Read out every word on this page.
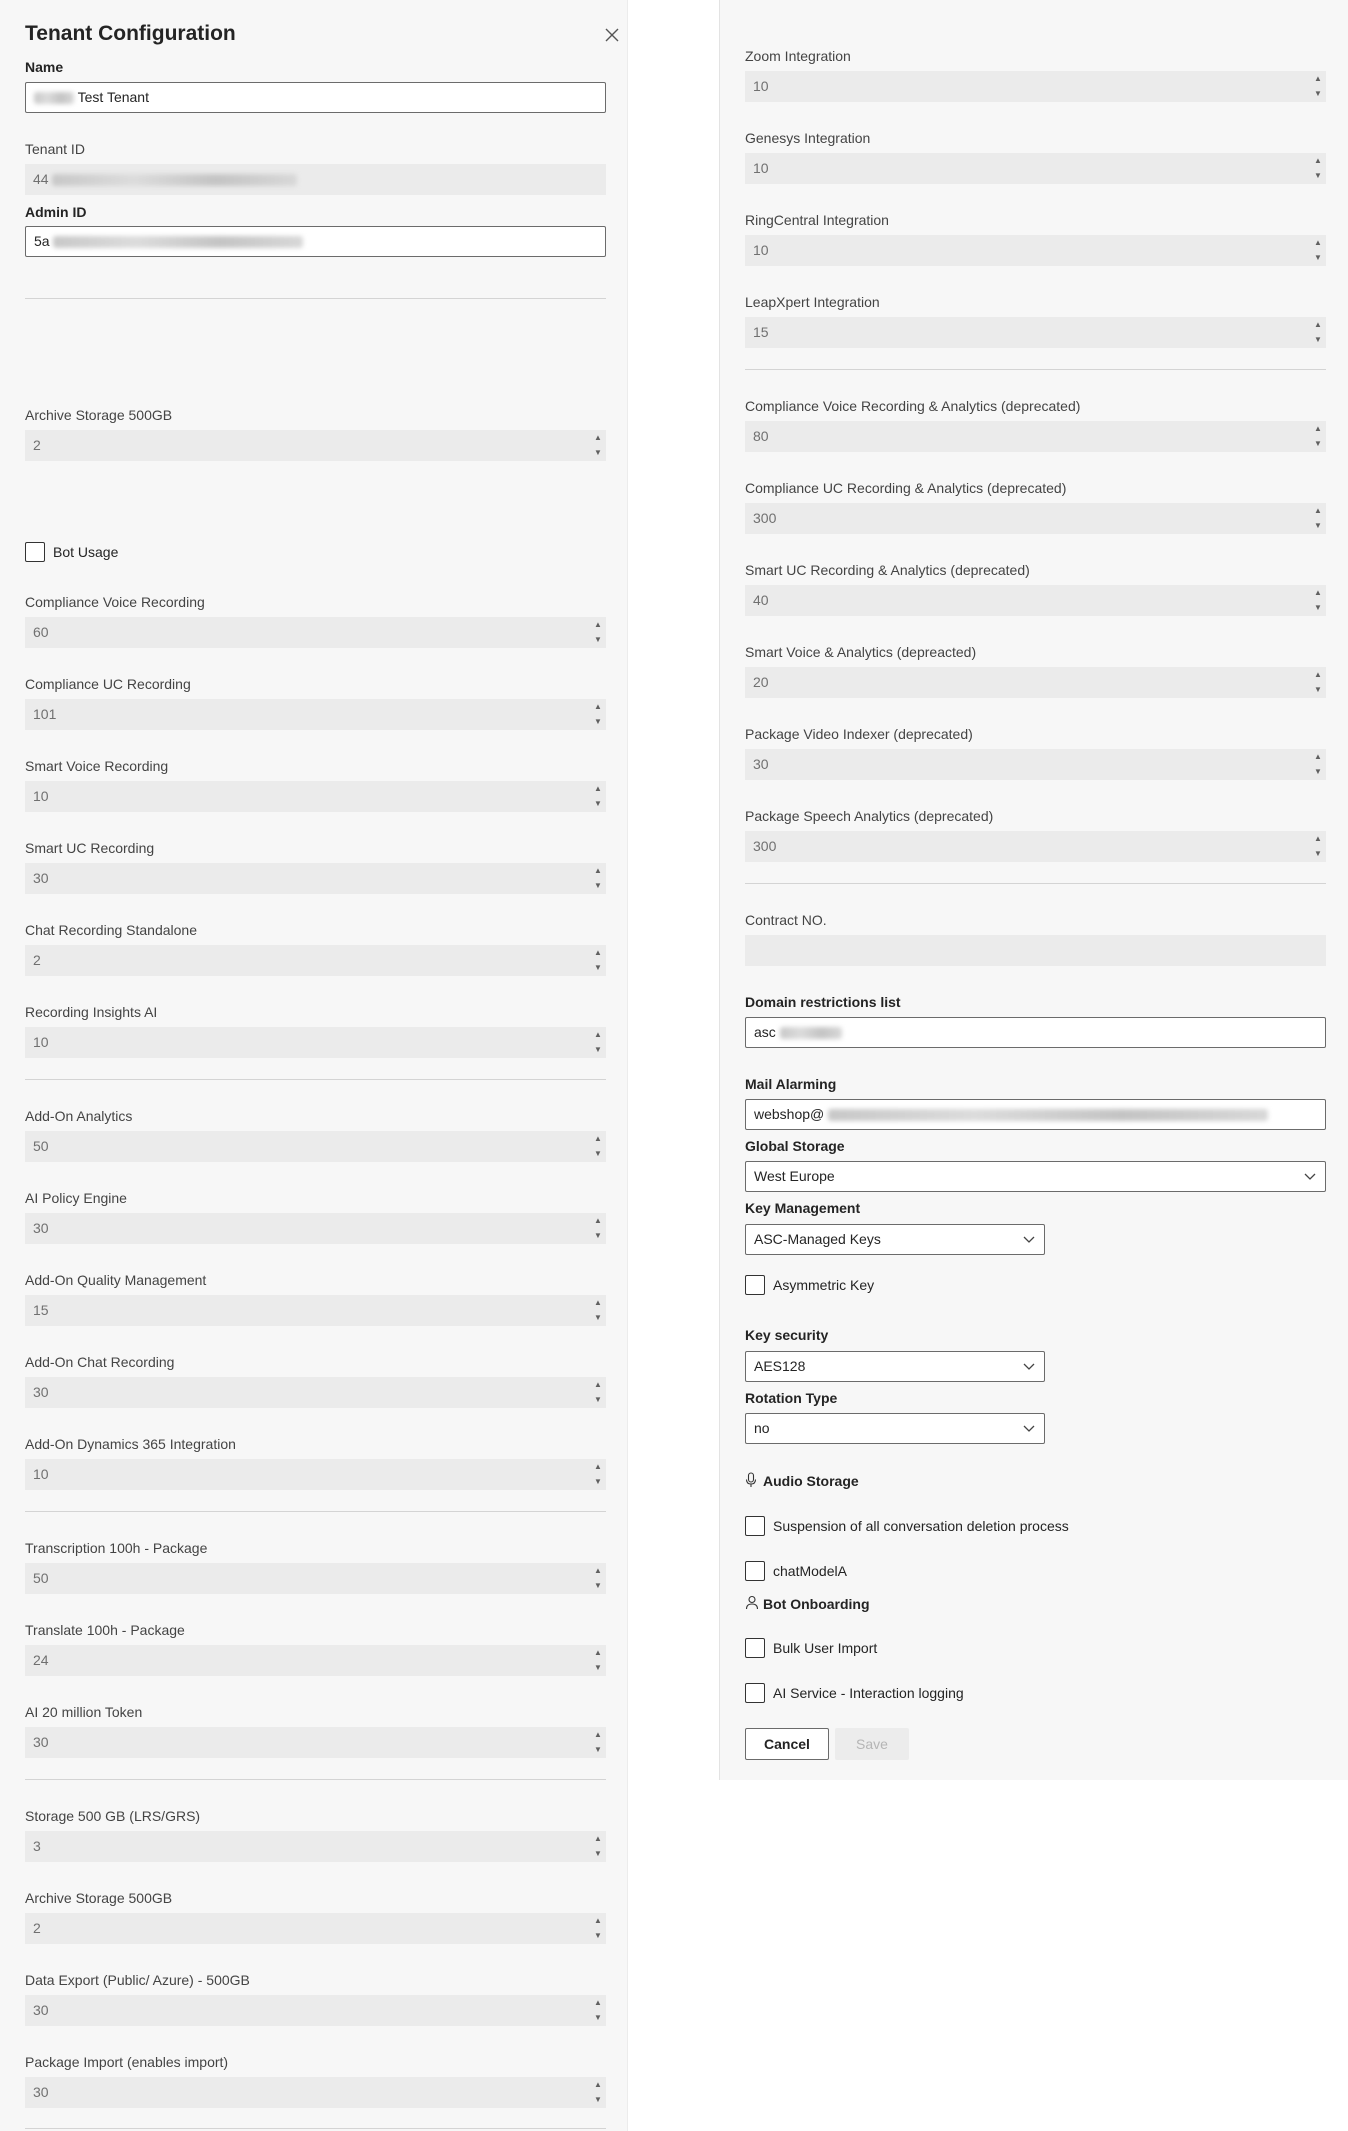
Tenant Configuration
Name
Test Tenant
Tenant ID
44
Admin ID
5a
Archive Storage 500GB
2	▲
▼
Bot Usage
Compliance Voice Recording
60	▲
▼
Compliance UC Recording
101	▲
▼
Smart Voice Recording
10	▲
▼
Smart UC Recording
30	▲
▼
Chat Recording Standalone
2	▲
▼
Recording Insights AI
10	▲
▼
Add-On Analytics
50	▲
▼
AI Policy Engine
30	▲
▼
Add-On Quality Management
15	▲
▼
Add-On Chat Recording
30	▲
▼
Add-On Dynamics 365 Integration
10	▲
▼
Transcription 100h - Package
50	▲
▼
Translate 100h - Package
24	▲
▼
AI 20 million Token
30	▲
▼
Storage 500 GB (LRS/GRS)
3	▲
▼
Archive Storage 500GB
2	▲
▼
Data Export (Public/ Azure) - 500GB
30	▲
▼
Package Import (enables import)
30	▲
▼
Zoom Integration
10	▲
▼
Genesys Integration
10	▲
▼
RingCentral Integration
10	▲
▼
LeapXpert Integration
15	▲
▼
Compliance Voice Recording & Analytics (deprecated)
80	▲
▼
Compliance UC Recording & Analytics (deprecated)
300	▲
▼
Smart UC Recording & Analytics (deprecated)
40	▲
▼
Smart Voice & Analytics (depreacted)
20	▲
▼
Package Video Indexer (deprecated)
30	▲
▼
Package Speech Analytics (deprecated)
300	▲
▼
Contract NO.
Domain restrictions list
asc
Mail Alarming
webshop@
Global Storage
West Europe
Key Management
ASC-Managed Keys
Asymmetric Key
Key security
AES128
Rotation Type
no
Audio Storage
Suspension of all conversation deletion process
chatModelA
Bot Onboarding
Bulk User Import
AI Service - Interaction logging
Cancel	Save
